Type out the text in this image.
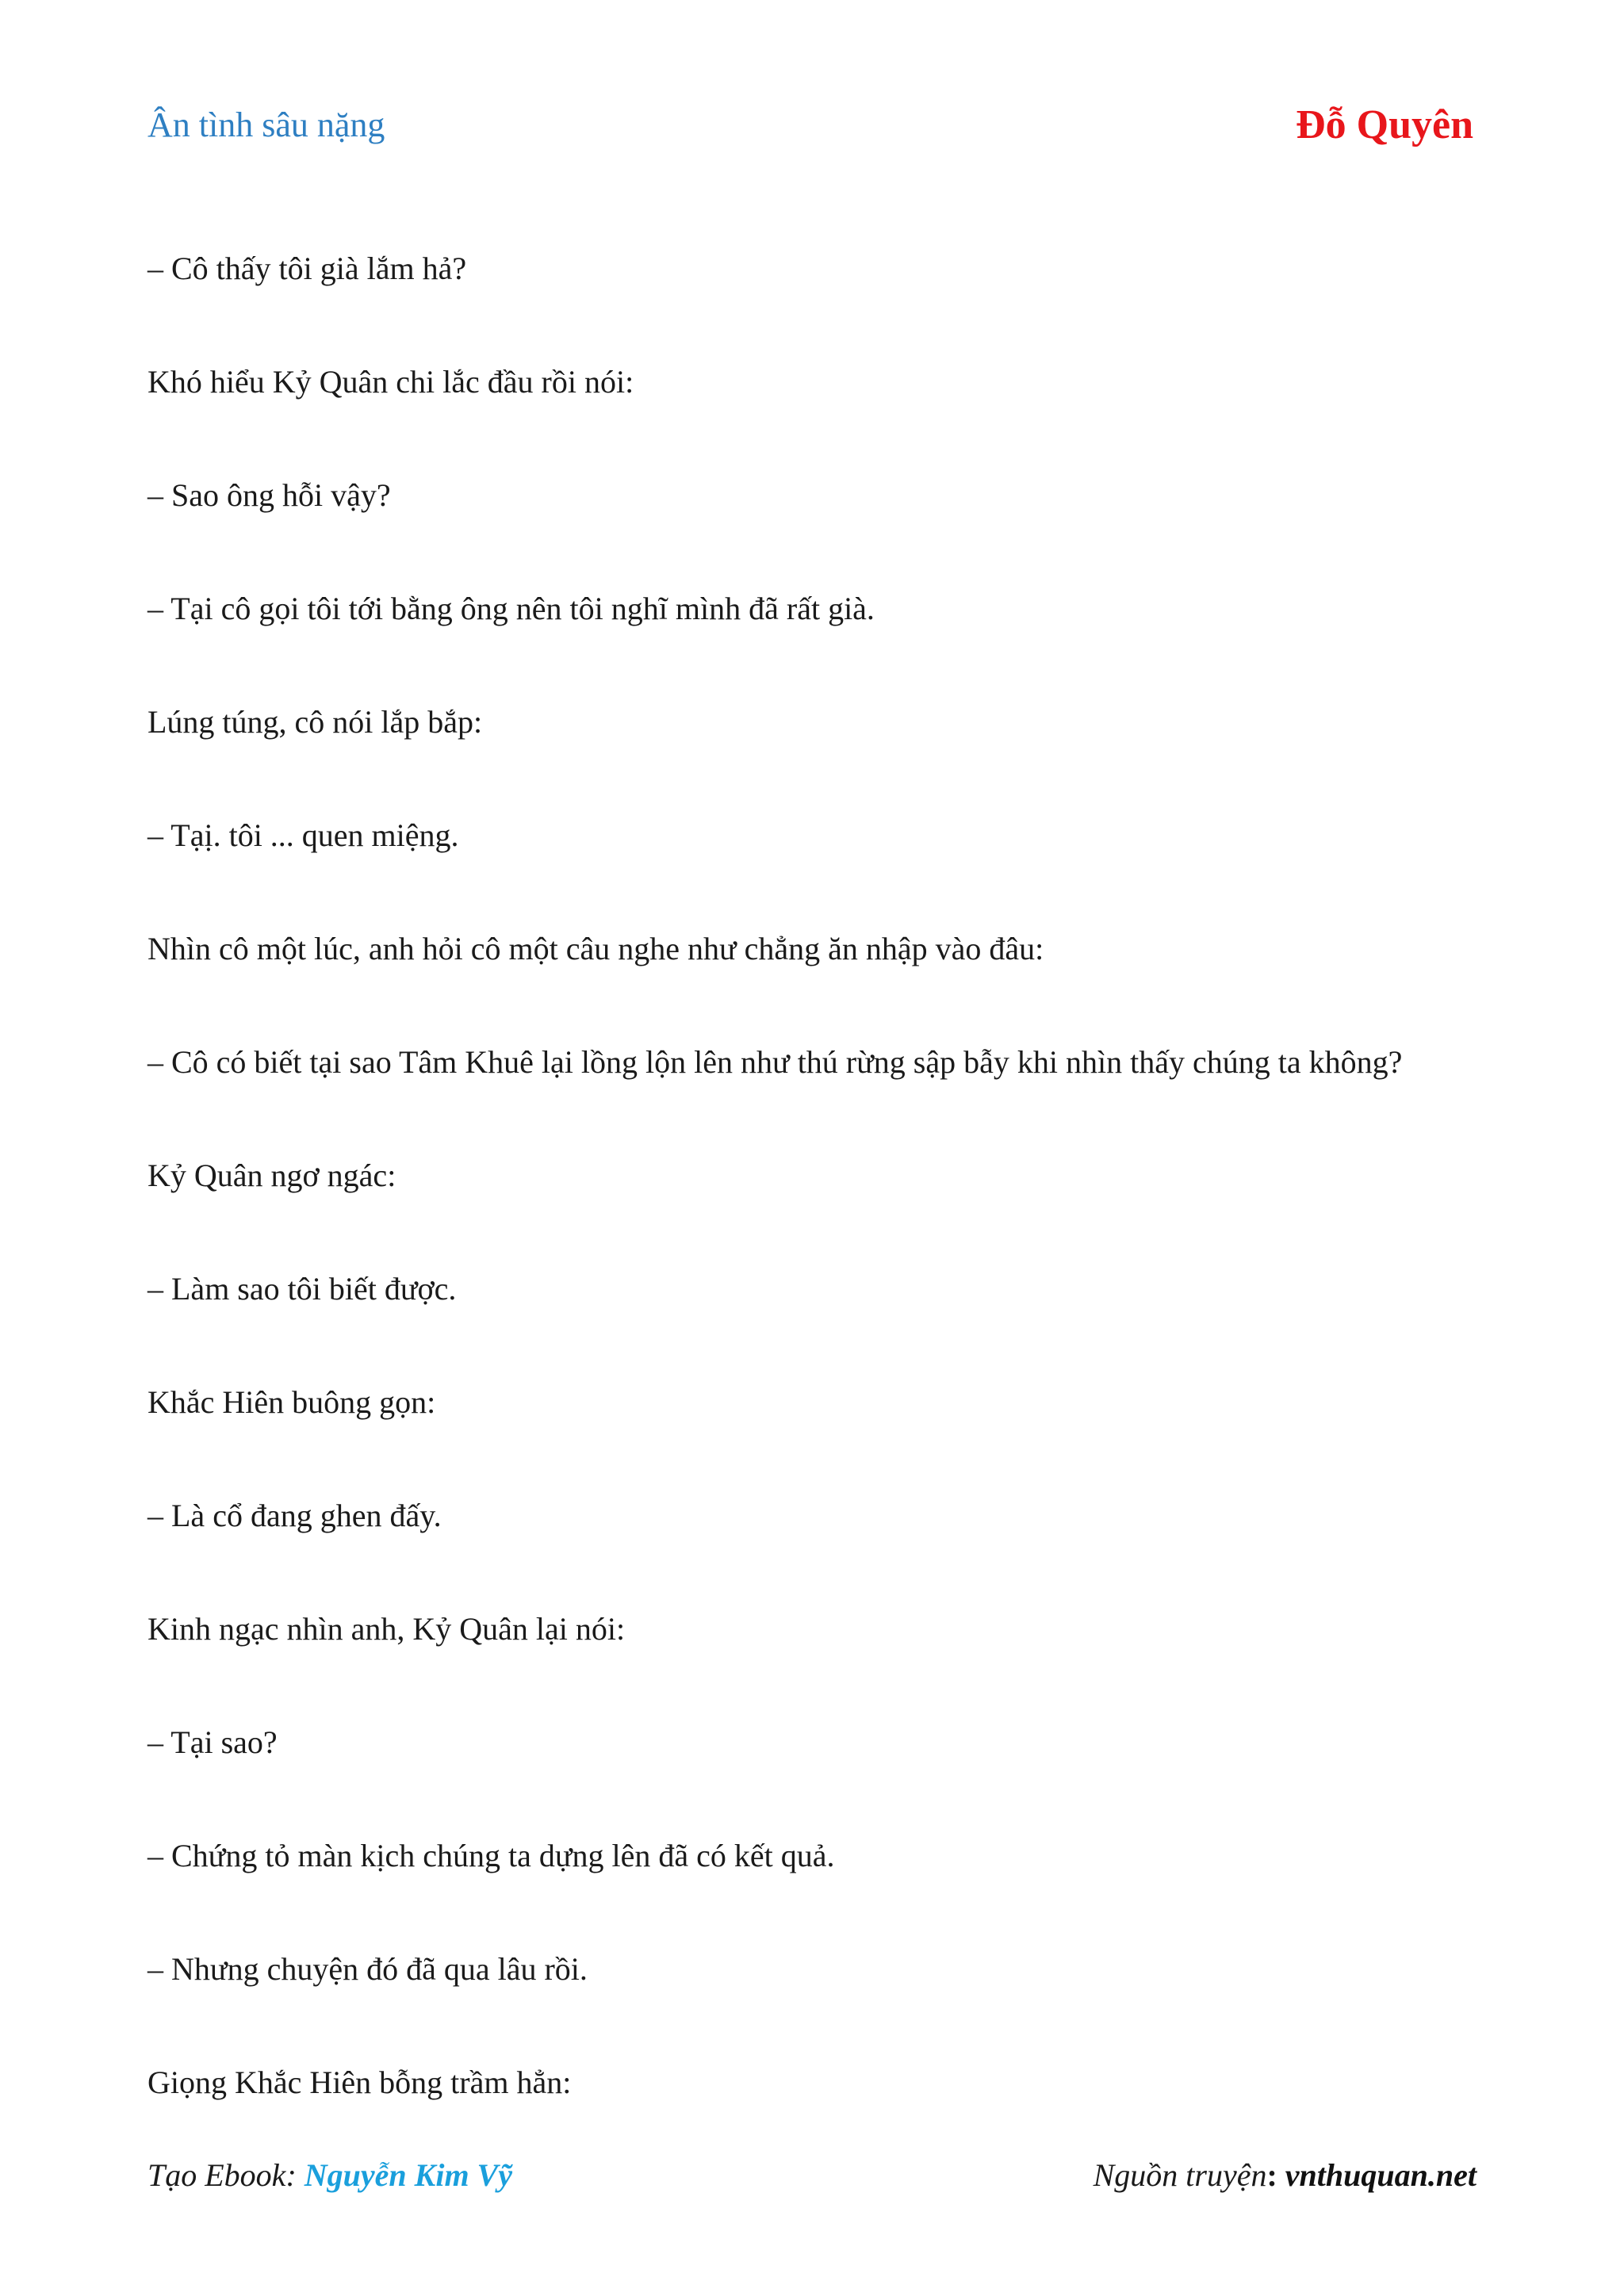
Ân tình sâu nặng	Đỗ Quyên

– Cô thấy tôi già lắm hả?

Khó hiểu Kỷ Quân chi lắc đầu rồi nói:

– Sao ông hỗi vậy?

– Tại cô gọi tôi tới bằng ông nên tôi nghĩ mình đã rất già.

Lúng túng, cô nói lắp bắp:

– Tạị. tôi ... quen miệng.

Nhìn cô một lúc, anh hỏi cô một câu nghe như chẳng ăn nhập vào đâu:

– Cô có biết tại sao Tâm Khuê lại lồng lộn lên như thú rừng sập bẫy khi nhìn thấy chúng ta không?

Kỷ Quân ngơ ngác:

– Làm sao tôi biết được.

Khắc Hiên buông gọn:

– Là cổ đang ghen đấy.

Kinh ngạc nhìn anh, Kỷ Quân lại nói:

– Tại sao?

– Chứng tỏ màn kịch chúng ta dựng lên đã có kết quả.

– Nhưng chuyện đó đã qua lâu rồi.

Giọng Khắc Hiên bỗng trầm hẳn:

Tạo Ebook: Nguyễn Kim Vỹ	Nguồn truyện: vnthuquan.net
